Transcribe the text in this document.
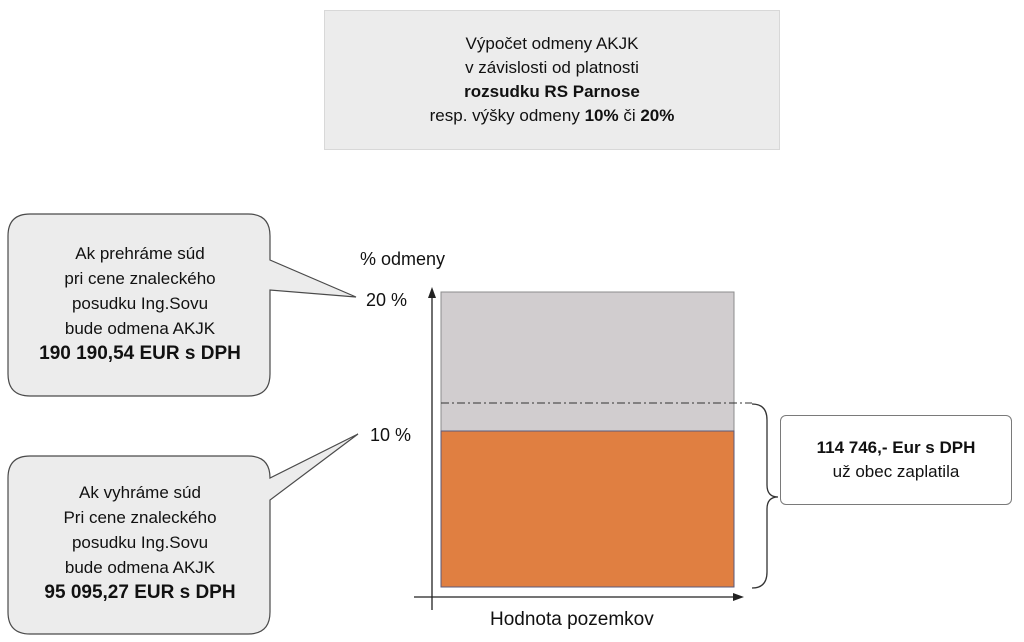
Výpočet odmeny AKJK
v závislosti od platnosti
rozsudku RS Parnose
resp. výšky odmeny 10% či 20%
% odmeny
20 %
10 %
Hodnota pozemkov
Ak prehráme súd
pri cene znaleckého
posudku Ing.Sovu
bude odmena AKJK
190 190,54 EUR s DPH
Ak vyhráme súd
Pri cene znaleckého
posudku Ing.Sovu
bude odmena AKJK
95 095,27 EUR s DPH
114 746,- Eur s DPH
už obec zaplatila
